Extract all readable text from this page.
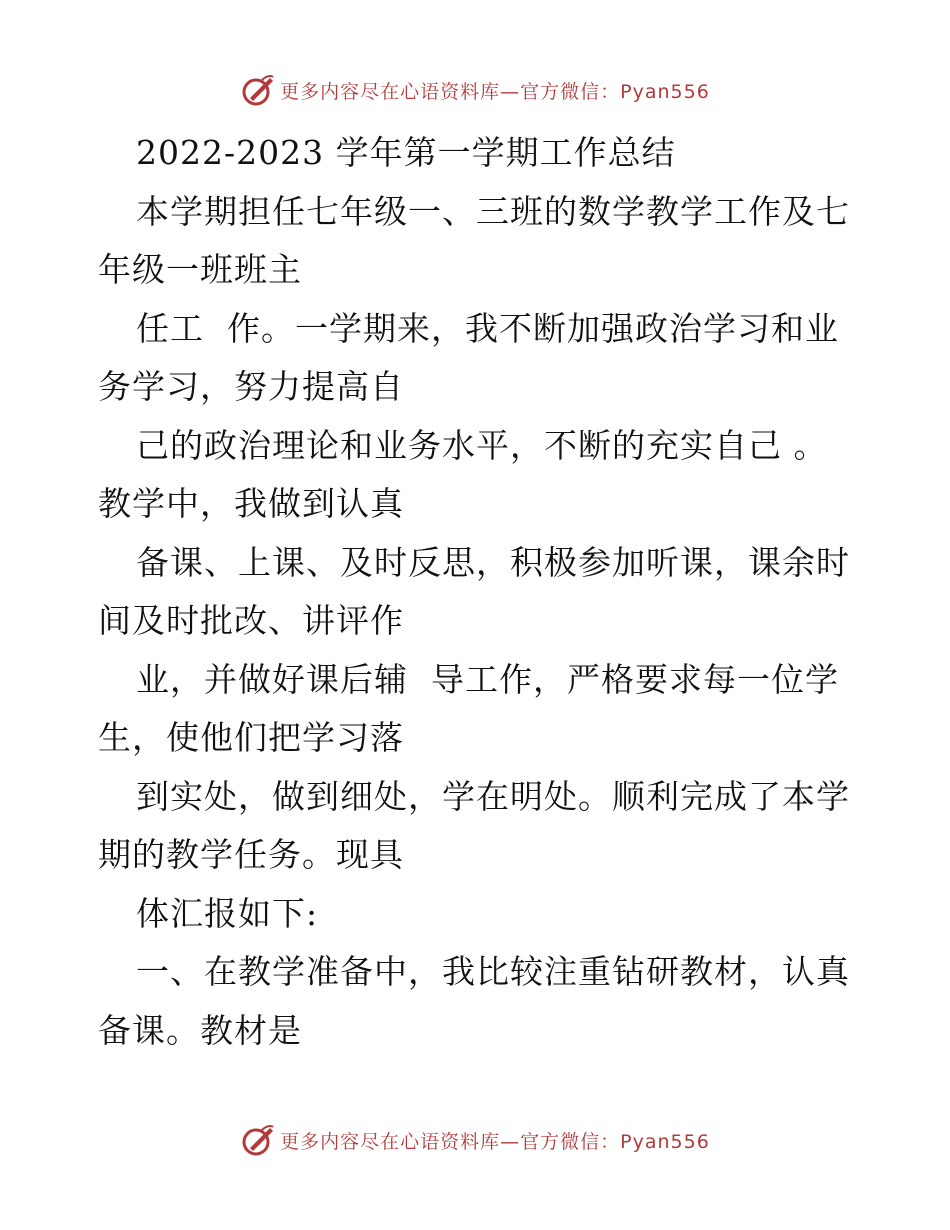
更多内容尽在心语资料库—官方微信：Pyan556
2022-2023 学年第一学期工作总结
本学期担任七年级一、三班的数学教学工作及七
年级一班班主
任工  作。一学期来，我不断加强政治学习和业
务学习，努力提高自
己的政治理论和业务水平，不断的充实自己 。
教学中，我做到认真
备课、上课、及时反思，积极参加听课，课余时
间及时批改、讲评作
业，并做好课后辅  导工作，严格要求每一位学
生，使他们把学习落
到实处，做到细处，学在明处。顺利完成了本学
期的教学任务。现具
体汇报如下:
一、在教学准备中，我比较注重钻研教材，认真
备课。教材是
更多内容尽在心语资料库—官方微信：Pyan556
